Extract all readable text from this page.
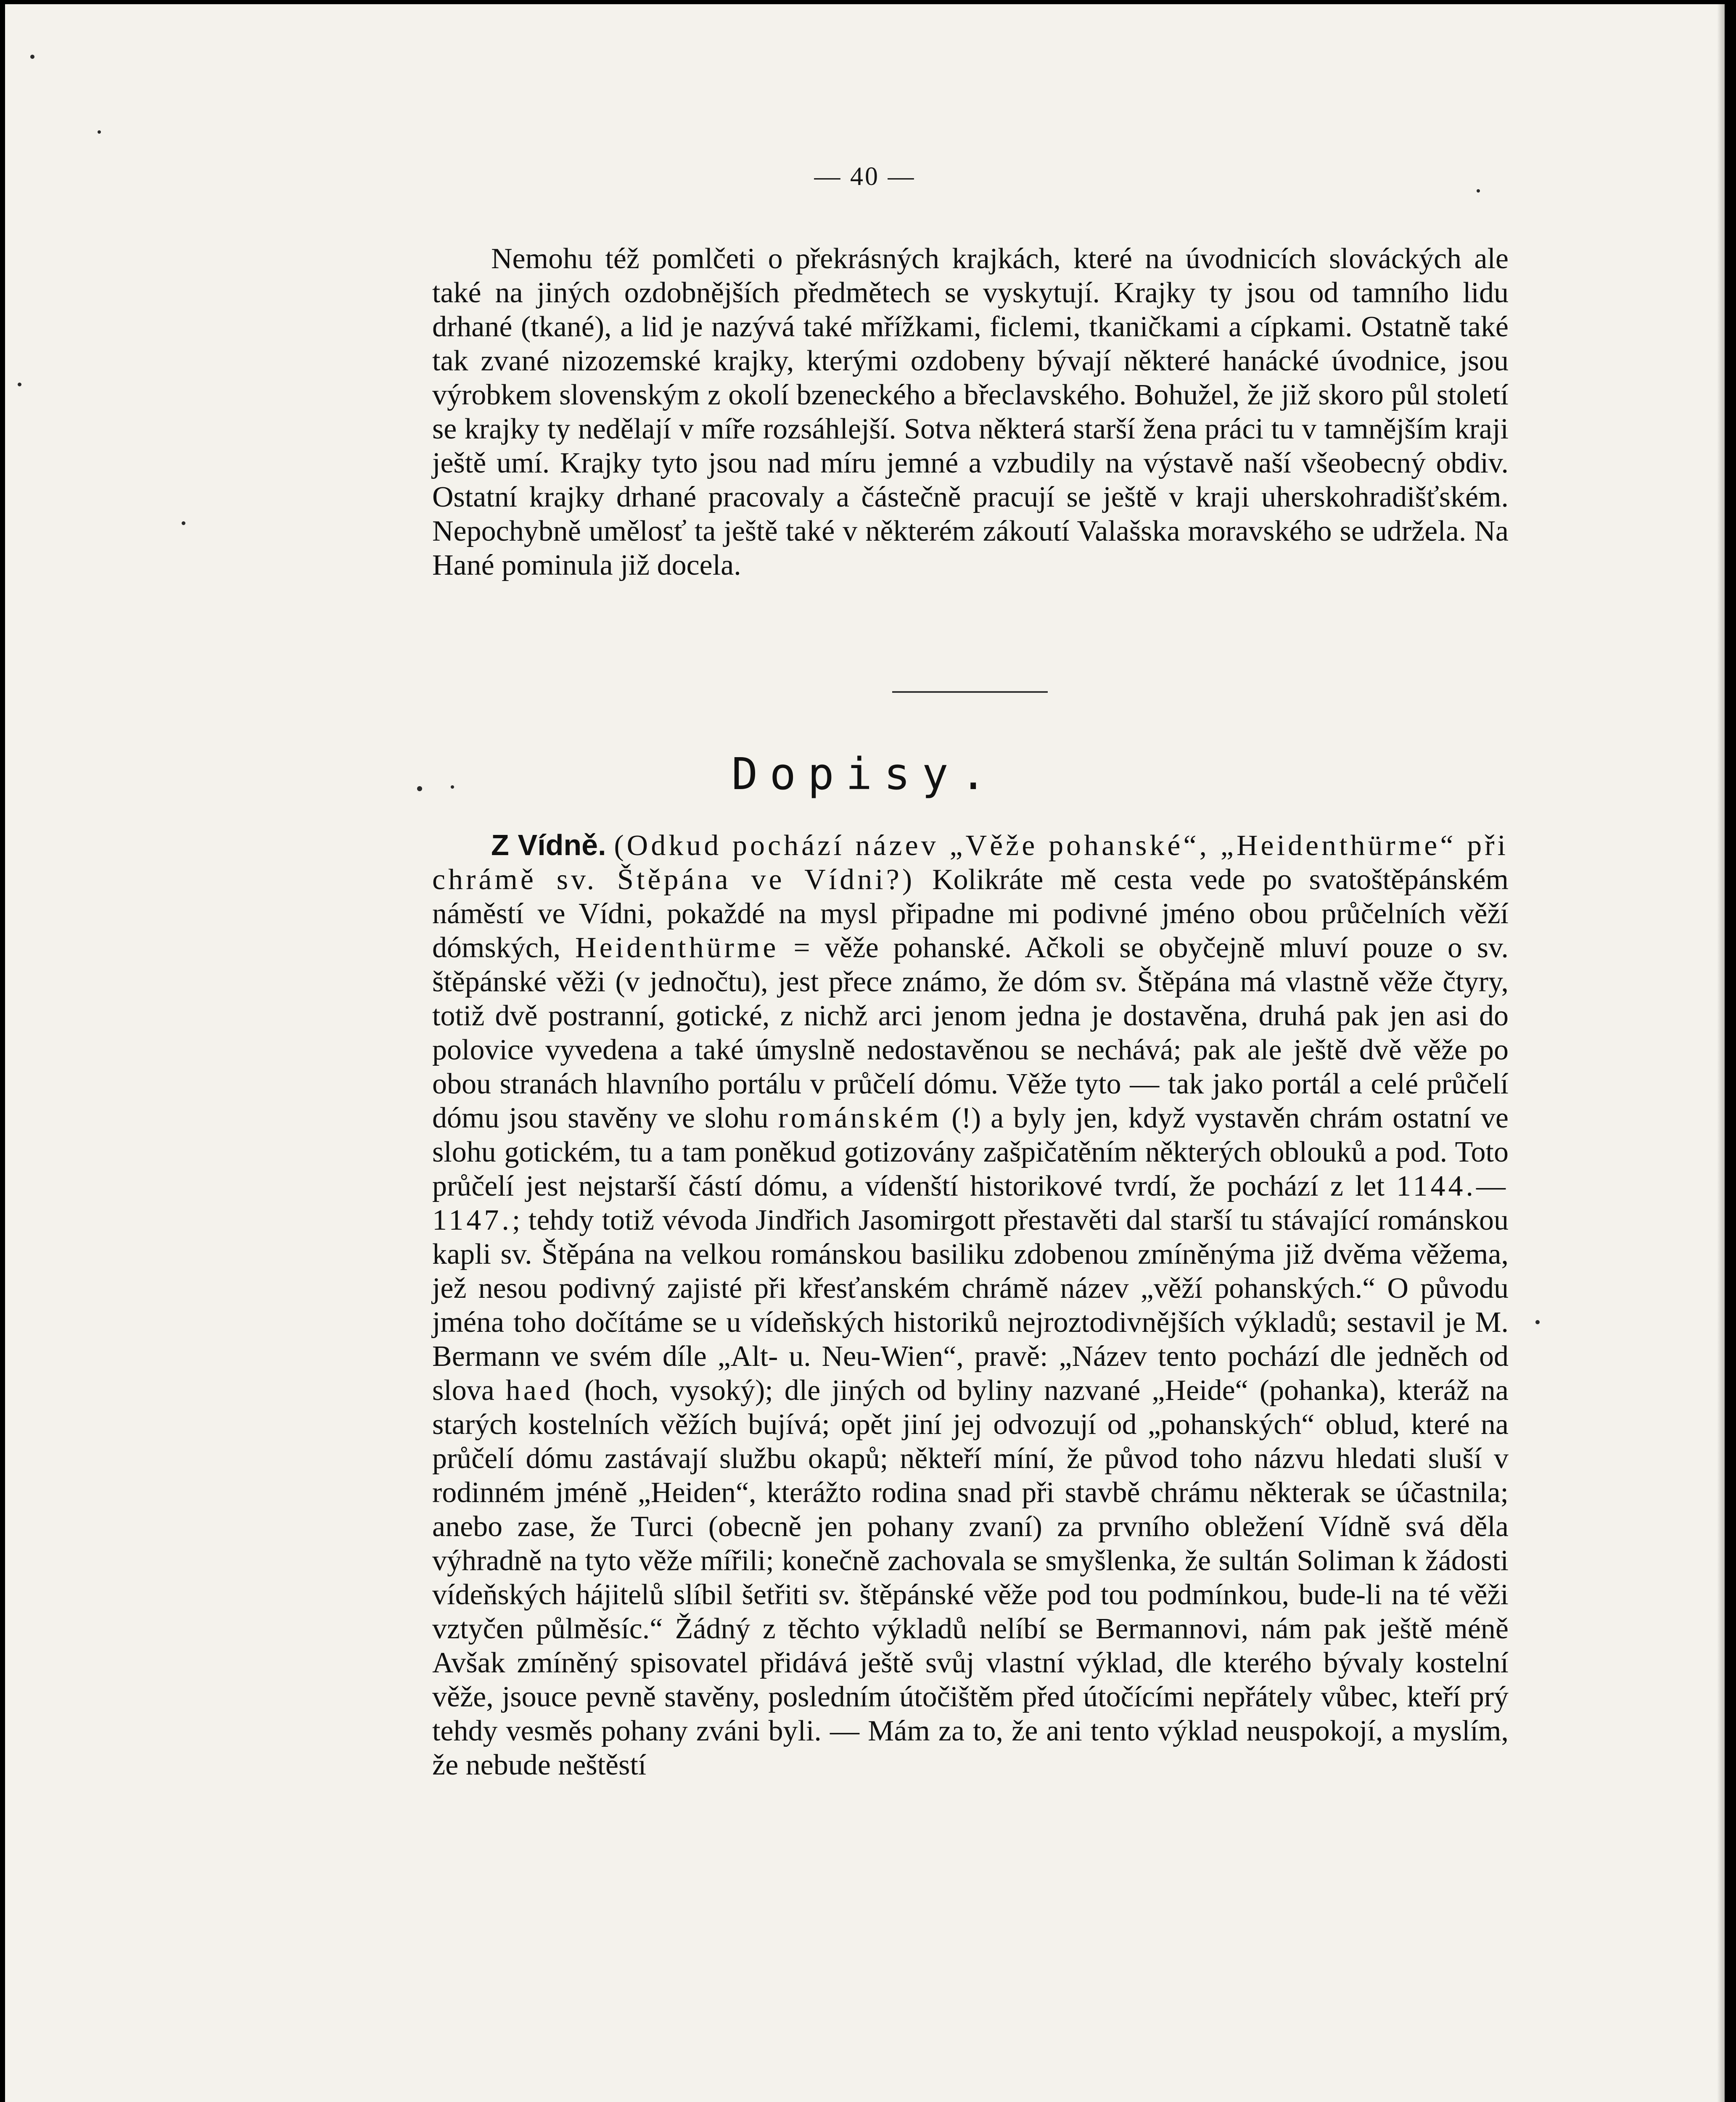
— 40 —

Nemohu též pomlčeti o překrásných krajkách, které na úvodnicích slováckých ale také na jiných ozdobnějších předmětech se vyskytují. Krajky ty jsou od tamního lidu drhané (tkané), a lid je nazývá také mřížkami, ficlemi, tkaničkami a cípkami. Ostatně také tak zvané nizozemské krajky, kterými ozdobeny bývají některé hanácké úvodnice, jsou výrobkem slovenským z okolí bzeneckého a břeclavského. Bohužel, že již skoro půl století se krajky ty nedělají v míře rozsáhlejší. Sotva některá starší žena práci tu v tamnějším kraji ještě umí. Krajky tyto jsou nad míru jemné a vzbudily na výstavě naší všeobecný obdiv. Ostatní krajky drhané pracovaly a částečně pracují se ještě v kraji uherskohradišťském. Nepochybně umělosť ta ještě také v některém zákoutí Valašska moravského se udržela. Na Hané pominula již docela.

Dopisy.

Z Vídně. (Odkud pochází název „Věže pohanské“, „Heidenthürme“ při chrámě sv. Štěpána ve Vídni?) Kolikráte mě cesta vede po svatoštěpánském náměstí ve Vídni, pokaždé na mysl připadne mi podivné jméno obou průčelních věží dómských, Heidenthürme = věže pohanské. Ačkoli se obyčejně mluví pouze o sv. štěpánské věži (v jednočtu), jest přece známo, že dóm sv. Štěpána má vlastně věže čtyry, totiž dvě postranní, gotické, z nichž arci jenom jedna je dostavěna, druhá pak jen asi do polovice vyvedena a také úmyslně nedostavěnou se nechává; pak ale ještě dvě věže po obou stranách hlavního portálu v průčelí dómu. Věže tyto — tak jako portál a celé průčelí dómu jsou stavěny ve slohu románském (!) a byly jen, když vystavěn chrám ostatní ve slohu gotickém, tu a tam poněkud gotizovány zašpičatěním některých oblouků a pod. Toto průčelí jest nejstarší částí dómu, a vídenští historikové tvrdí, že pochází z let 1144.—1147.; tehdy totiž vévoda Jindřich Jasomirgott přestavěti dal starší tu stávající románskou kapli sv. Štěpána na velkou románskou basiliku zdobenou zmíněnýma již dvěma věžema, jež nesou podivný zajisté při křesťanském chrámě název „věží pohanských.“ O původu jména toho dočítáme se u vídeňských historiků nejroztodivnějších výkladů; sestavil je M. Bermann ve svém díle „Alt- u. Neu-Wien“, pravě: „Název tento pochází dle jedněch od slova haed (hoch, vysoký); dle jiných od byliny nazvané „Heide“ (pohanka), kteráž na starých kostelních věžích bujívá; opět jiní jej odvozují od „pohanských“ oblud, které na průčelí dómu zastávají službu okapů; někteří míní, že původ toho názvu hledati sluší v rodinném jméně „Heiden“, kterážto rodina snad při stavbě chrámu některak se účastnila; anebo zase, že Turci (obecně jen pohany zvaní) za prvního obležení Vídně svá děla výhradně na tyto věže mířili; konečně zachovala se smyšlenka, že sultán Soliman k žádosti vídeňských hájitelů slíbil šetřiti sv. štěpánské věže pod tou podmínkou, bude-li na té věži vztyčen půlměsíc.“ Žádný z těchto výkladů nelíbí se Bermannovi, nám pak ještě méně Avšak zmíněný spisovatel přidává ještě svůj vlastní výklad, dle kterého bývaly kostelní věže, jsouce pevně stavěny, posledním útočištěm před útočícími nepřátely vůbec, kteří prý tehdy vesměs pohany zváni byli. — Mám za to, že ani tento výklad neuspokojí, a myslím, že nebude neštěstí
